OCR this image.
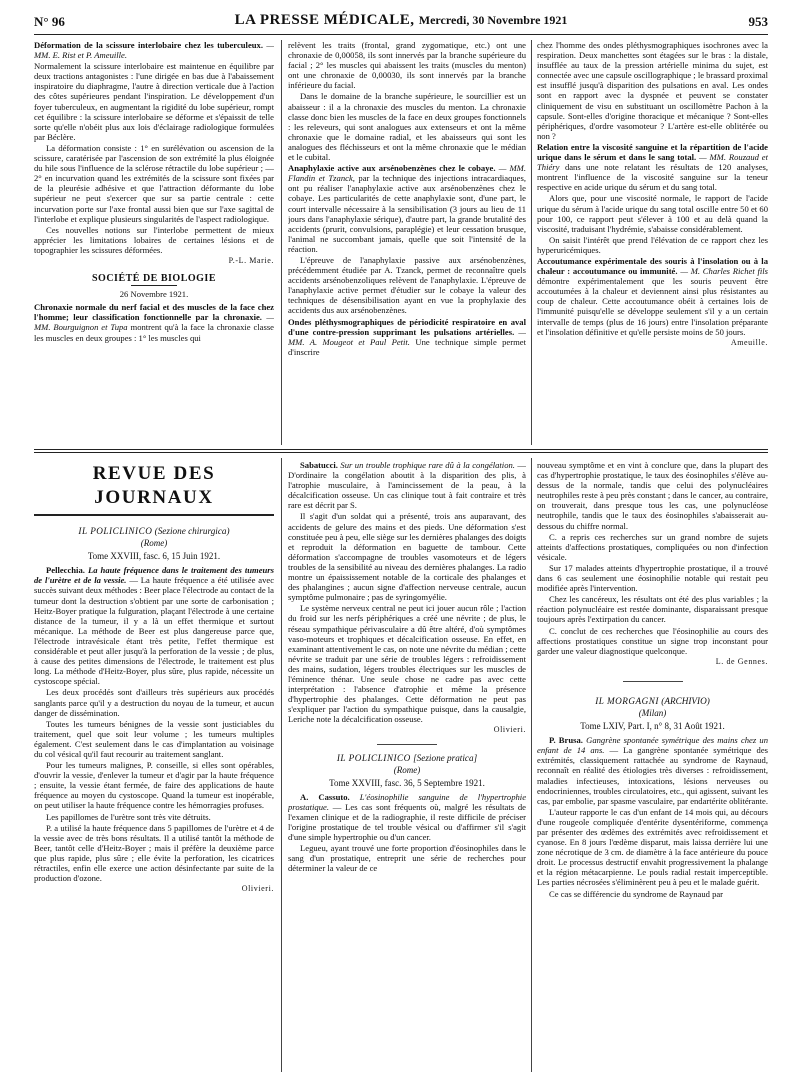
N° 96	LA PRESSE MÉDICALE, Mercredi, 30 Novembre 1921	953

Déformation de la scissure interlobaire chez les tuberculeux. — MM. E. Rist et P. Ameuille.

Normalement la scissure interlobaire est maintenue en équilibre par deux tractions antagonistes : l'une dirigée en bas due à l'abaissement inspiratoire du diaphragme, l'autre à direction verticale due à l'action des côtes supérieures pendant l'inspiration. Le développement d'un foyer tuberculeux, en augmentant la rigidité du lobe supérieur, rompt cet équilibre : la scissure interlobaire se déforme et s'épaissit de telle sorte qu'elle n'obéit plus aux lois d'éclairage radiologique formulées par Béclère.

La déformation consiste : 1° en surélévation ou ascension de la scissure, caratérisée par l'ascension de son extrémité la plus éloignée du hile sous l'influence de la sclérose rétractile du lobe supérieur ; — 2° en incurvation quand les extrémités de la scissure sont fixées par de la pleurésie adhésive et que l'attraction déformante du lobe supérieur ne peut s'exercer que sur sa partie centrale : cette incurvation porte sur l'axe frontal aussi bien que sur l'axe sagittal de l'interlobe et explique plusieurs singularités de l'aspect radiologique.

Ces nouvelles notions sur l'interlobe permettent de mieux apprécier les limitations lobaires de certaines lésions et de topographier les scissures déformées.

P.-L. Marie.
SOCIÉTÉ DE BIOLOGIE
26 Novembre 1921.

Chronaxie normale du nerf facial et des muscles de la face chez l'homme; leur classification fonctionnelle par la chronaxie. — MM. Bourguignon et Tupa montrent qu'à la face la chronaxie classe les muscles en deux groupes : 1° les muscles qui

relèvent les traits (frontal, grand zygomatique, etc.) ont une chronaxie de 0,00058, ils sont innervés par la branche supérieure du facial ; 2° les muscles qui abaissent les traits (muscles du menton) ont une chronaxie de 0,00030, ils sont innervés par la branche inférieure du facial.

Dans le domaine de la branche supérieure, le sourcillier est un abaisseur : il a la chronaxie des muscles du menton. La chronaxie classe donc bien les muscles de la face en deux groupes fonctionnels : les releveurs, qui sont analogues aux extenseurs et ont la même chronaxie que le domaine radial, et les abaisseurs qui sont les analogues des fléchisseurs et ont la même chronaxie que le médian et le cubital.

Anaphylaxie active aux arsénobenzènes chez le cobaye. — MM. Flandin et Tzanck, par la technique des injections intracardiaques, ont pu réaliser l'anaphylaxie active aux arsénobenzènes chez le cobaye. Les particularités de cette anaphylaxie sont, d'une part, le court intervalle nécessaire à la sensibilisation (3 jours au lieu de 11 jours dans l'anaphylaxie sérique), d'autre part, la grande brutalité des accidents (prurit, convulsions, paraplégie) et leur cessation brusque, l'animal ne succombant jamais, quelle que soit l'intensité de la réaction.

L'épreuve de l'anaphylaxie passive aux arsénobenzènes, précédemment étudiée par A. Tzanck, permet de reconnaître quels accidents arsénobenzoliques relèvent de l'anaphylaxie. L'épreuve de l'anaphylaxie active permet d'étudier sur le cobaye la valeur des techniques de désensibilisation ayant en vue la prophylaxie des accidents dus aux arsénobenzènes.

Ondes pléthysmographiques de périodicité respiratoire en aval d'une contre-pression supprimant les pulsations artérielles. — MM. A. Mougeot et Paul Petit. Une technique simple permet d'inscrire

chez l'homme des ondes pléthysmographiques isochrones avec la respiration. Deux manchettes sont étagées sur le bras : la distale, insufflée au taux de la pression artérielle minima du sujet, est connectée avec une capsule oscillographique ; le brassard proximal est insufflé jusqu'à disparition des pulsations en aval. Les ondes sont en rapport avec la dyspnée et peuvent se constater cliniquement de visu en substituant un oscillomètre Pachon à la capsule. Sont-elles d'origine thoracique et mécanique ? Sont-elles périphériques, d'ordre vasomoteur ? L'artère est-elle oblitérée ou non ?

Relation entre la viscosité sanguine et la répartition de l'acide urique dans le sérum et dans le sang total. — MM. Rouzaud et Thiéry dans une note relatant les résultats de 120 analyses, montrent l'influence de la viscosité sanguine sur la teneur respective en acide urique du sérum et du sang total.

Alors que, pour une viscosité normale, le rapport de l'acide urique du sérum à l'acide urique du sang total oscille entre 50 et 60 pour 100, ce rapport peut s'élever à 100 et au delà quand la viscosité, traduisant l'hydrémie, s'abaisse considérablement.

On saisit l'intérêt que prend l'élévation de ce rapport chez les hyperuricémiques.

Accoutumance expérimentale des souris à l'insolation ou à la chaleur : accoutumance ou immunité. — M. Charles Richet fils démontre expérimentalement que les souris peuvent être accoutumées à la chaleur et deviennent ainsi plus résistantes au coup de chaleur. Cette accoutumance obéit à certaines lois de l'immunité puisqu'elle se développe seulement s'il y a un certain intervalle de temps (plus de 16 jours) entre l'insolation préparante et l'insolation définitive et qu'elle persiste moins de 50 jours.

Ameuille.
REVUE DES JOURNAUX
IL POLICLINICO (Sezione chirurgica)
(Rome)
Tome XXVIII, fasc. 6, 15 Juin 1921.

Pellecchia. La haute fréquence dans le traitement des tumeurs de l'urètre et de la vessie. — La haute fréquence a été utilisée avec succès suivant deux méthodes : Beer place l'électrode au contact de la tumeur dont la destruction s'obtient par une sorte de carbonisation ; Heitz-Boyer pratique la fulguration, plaçant l'électrode à une certaine distance de la tumeur, il y a là un effet thermique et surtout mécanique. La méthode de Beer est plus dangereuse parce que, l'électrode intravésicale étant très petite, l'effet thermique est considérable et peut aller jusqu'à la perforation de la vessie ; de plus, à cause des petites dimensions de l'électrode, le traitement est plus long. La méthode d'Heitz-Boyer, plus sûre, plus rapide, nécessite un cystoscope spécial.

Les deux procédés sont d'ailleurs très supérieurs aux procédés sanglants parce qu'il y a destruction du noyau de la tumeur, et aucun danger de dissémination.

Toutes les tumeurs bénignes de la vessie sont justiciables du traitement, quel que soit leur volume ; les tumeurs multiples également. C'est seulement dans le cas d'implantation au voisinage du col vésical qu'il faut recourir au traitement sanglant.

Pour les tumeurs malignes, P. conseille, si elles sont opérables, d'ouvrir la vessie, d'enlever la tumeur et d'agir par la haute fréquence ; ensuite, la vessie étant fermée, de faire des applications de haute fréquence au moyen du cystoscope. Quand la tumeur est inopérable, on peut utiliser la haute fréquence contre les hémorragies profuses.

Les papillomes de l'urètre sont très vite détruits.

P. a utilisé la haute fréquence dans 5 papillomes de l'urètre et 4 de la vessie avec de très bons résultats. Il a utilisé tantôt la méthode de Beer, tantôt celle d'Heitz-Boyer ; mais il préfère la deuxième parce que plus rapide, plus sûre ; elle évite la perforation, les cicatrices rétractiles, enfin elle exerce une action désinfectante par suite de la production d'ozone.

Olivieri.

Sabatucci. Sur un trouble trophique rare dû à la congélation. — D'ordinaire la congélation aboutit à la disparition des plis, à l'atrophie musculaire, à l'amincissement de la peau, à la décalcification osseuse. Un cas clinique tout à fait contraire et très rare est décrit par S.

Il s'agit d'un soldat qui a présenté, trois ans auparavant, des accidents de gelure des mains et des pieds. Une déformation s'est constituée peu à peu, elle siège sur les dernières phalanges des doigts et reproduit la déformation en baguette de tambour. Cette déformation s'accompagne de troubles vasomoteurs et de légers troubles de la sensibilité au niveau des dernières phalanges. La radio montre un épaississement notable de la corticale des phalanges et des phalangines ; aucun signe d'affection nerveuse centrale, aucun symptôme pulmonaire ; pas de syringomyélie.

Le système nerveux central ne peut ici jouer aucun rôle ; l'action du froid sur les nerfs périphériques a créé une névrite ; de plus, le réseau sympathique périvasculaire a dû être altéré, d'où symptômes vaso-moteurs et trophiques et décalcification osseuse. En effet, en examinant attentivement le cas, on note une névrite du médian ; cette névrite se traduit par une série de troubles légers : refroidissement des mains, sudation, légers troubles électriques sur les muscles de l'éminence thénar. Une seule chose ne cadre pas avec cette interprétation : l'absence d'atrophie et même la présence d'hypertrophie des phalanges. Cette déformation ne peut pas s'expliquer par l'action du sympathique puisque, dans la causalgie, Leriche note la décalcification osseuse.

Olivieri.
IL POLICLINICO [Sezione pratica]
(Rome)
Tome XXVIII, fasc. 36, 5 Septembre 1921.

A. Cassuto. L'éosinophilie sanguine de l'hypertrophie prostatique. — Les cas sont fréquents où, malgré les résultats de l'examen clinique et de la radiographie, il reste difficile de préciser l'origine prostatique de tel trouble vésical ou d'affirmer s'il s'agit d'une simple hypertrophie ou d'un cancer.

Legueu, ayant trouvé une forte proportion d'éosinophiles dans le sang d'un prostatique, entreprit une série de recherches pour déterminer la valeur de ce

nouveau symptôme et en vint à conclure que, dans la plupart des cas d'hypertrophie prostatique, le taux des éosinophiles s'élève au-dessus de la normale, tandis que celui des polynucléaires neutrophiles reste à peu près constant ; dans le cancer, au contraire, on trouverait, dans presque tous les cas, une polynucléose neutrophile, tandis que le taux des éosinophiles s'abaisserait au-dessous du chiffre normal.

C. a repris ces recherches sur un grand nombre de sujets atteints d'affections prostatiques, compliquées ou non d'infection vésicale.

Sur 17 malades atteints d'hypertrophie prostatique, il a trouvé dans 6 cas seulement une éosinophilie notable qui restait peu modifiée après l'intervention.

Chez les cancéreux, les résultats ont été des plus variables ; la réaction polynucléaire est restée dominante, disparaissant presque toujours après l'extirpation du cancer.

C. conclut de ces recherches que l'éosinophilie au cours des affections prostatiques constitue un signe trop inconstant pour garder une valeur diagnostique quelconque.

L. de Gennes.
IL MORGAGNI (ARCHIVIO)
(Milan)
Tome LXIV, Part. I, n° 8, 31 Août 1921.

P. Brusa. Gangrène spontanée symétrique des mains chez un enfant de 14 ans. — La gangrène spontanée symétrique des extrémités, classiquement rattachée au syndrome de Raynaud, reconnaît en réalité des étiologies très diverses : refroidissement, maladies infectieuses, intoxications, lésions nerveuses ou endocriniennes, troubles circulatoires, etc., qui agissent, suivant les cas, par embolie, par spasme vasculaire, par endartérite oblitérante.

L'auteur rapporte le cas d'un enfant de 14 mois qui, au décours d'une rougeole compliquée d'entérite dysentériforme, commença par présenter des œdèmes des extrémités avec refroidissement et cyanose. En 8 jours l'œdème disparut, mais laissa derrière lui une zone nécrotique de 3 cm. de diamètre à la face antérieure du pouce droit. Le processus destructif envahit progressivement la phalange et la région métacarpienne. Le pouls radial restait imperceptible. Les parties nécrosées s'éliminèrent peu à peu et le malade guérit.

Ce cas se différencie du syndrome de Raynaud par
